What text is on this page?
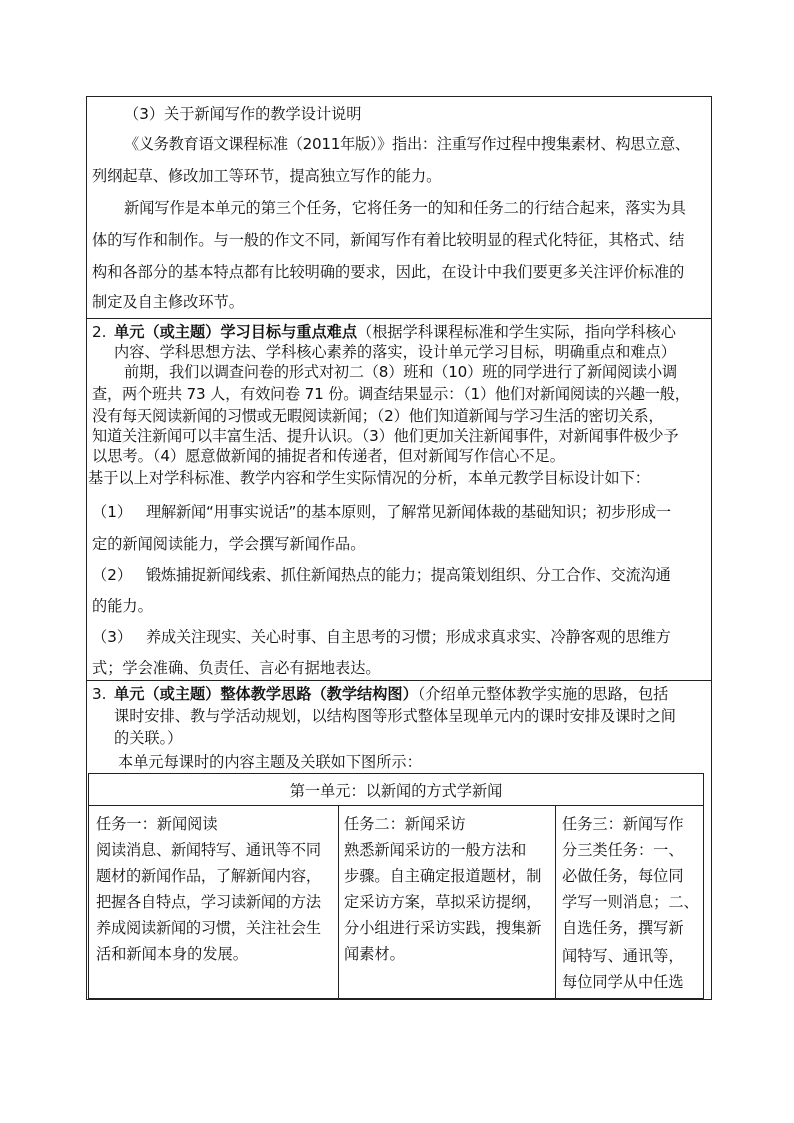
（3）关于新闻写作的教学设计说明
《义务教育语文课程标准（2011年版）》指出：注重写作过程中搜集素材、构思立意、
列纲起草、修改加工等环节，提高独立写作的能力。
新闻写作是本单元的第三个任务，它将任务一的知和任务二的行结合起来，落实为具
体的写作和制作。与一般的作文不同，新闻写作有着比较明显的程式化特征，其格式、结
构和各部分的基本特点都有比较明确的要求，因此，在设计中我们要更多关注评价标准的
制定及自主修改环节。
2. 单元（或主题）学习目标与重点难点（根据学科课程标准和学生实际，指向学科核心
内容、学科思想方法、学科核心素养的落实，设计单元学习目标，明确重点和难点）
前期，我们以调查问卷的形式对初二（8）班和（10）班的同学进行了新闻阅读小调
查，两个班共 73 人，有效问卷 71 份。调查结果显示：（1）他们对新闻阅读的兴趣一般，
没有每天阅读新闻的习惯或无暇阅读新闻；（2）他们知道新闻与学习生活的密切关系，
知道关注新闻可以丰富生活、提升认识。（3）他们更加关注新闻事件，对新闻事件极少予
以思考。（4）愿意做新闻的捕捉者和传递者，但对新闻写作信心不足。
基于以上对学科标准、教学内容和学生实际情况的分析，本单元教学目标设计如下：
（1） 理解新闻“用事实说话”的基本原则，了解常见新闻体裁的基础知识；初步形成一
定的新闻阅读能力，学会撰写新闻作品。
（2） 锻炼捕捉新闻线索、抓住新闻热点的能力；提高策划组织、分工合作、交流沟通
的能力。
（3） 养成关注现实、关心时事、自主思考的习惯；形成求真求实、冷静客观的思维方
式；学会准确、负责任、言必有据地表达。
3. 单元（或主题）整体教学思路（教学结构图）（介绍单元整体教学实施的思路，包括
课时安排、教与学活动规划，以结构图等形式整体呈现单元内的课时安排及课时之间
的关联。）
本单元每课时的内容主题及关联如下图所示：
第一单元：以新闻的方式学新闻
任务一：新闻阅读
阅读消息、新闻特写、通讯等不同
题材的新闻作品，了解新闻内容，
把握各自特点，学习读新闻的方法
养成阅读新闻的习惯，关注社会生
活和新闻本身的发展。
任务二：新闻采访
熟悉新闻采访的一般方法和
步骤。自主确定报道题材，制
定采访方案，草拟采访提纲，
分小组进行采访实践，搜集新
闻素材。
任务三：新闻写作
分三类任务：一、
必做任务，每位同
学写一则消息；二、
自选任务，撰写新
闻特写、通讯等，
每位同学从中任选
